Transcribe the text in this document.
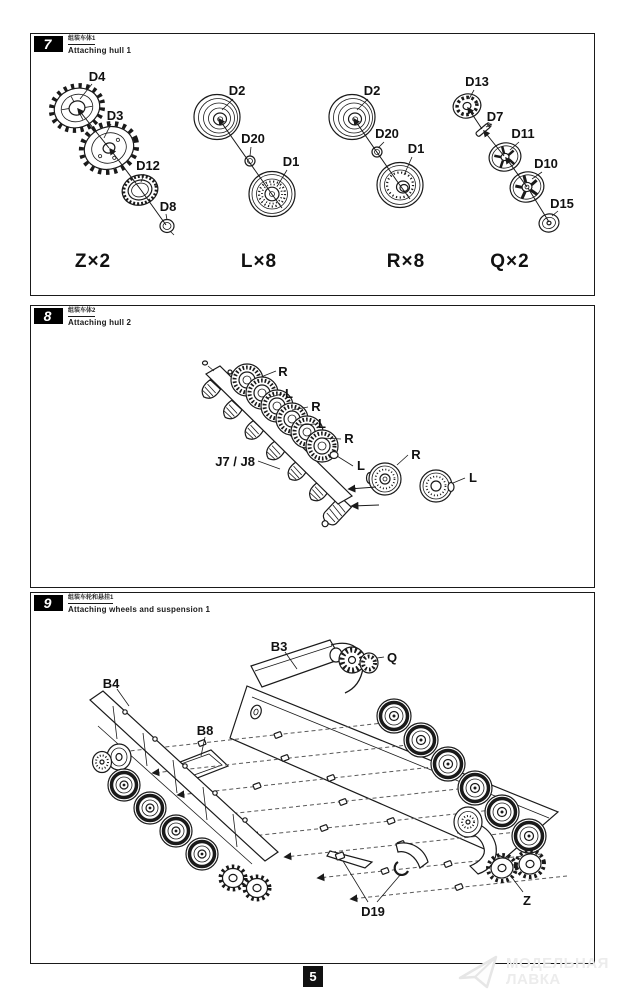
7	组装车体1
Attaching hull 1
D4
D3
D12
D8
Z×2
D2
D20
D1
L×8
D2
D20
D1
R×8
D13
D7
D11
D10
D15
Q×2
8	组装车体2
Attaching hull 2
R
L
R
L
R
L
R
L
J7 / J8
9	组装车轮和悬挂1
Attaching wheels and suspension 1
B4
B3
B8
Q
D19
Z
5
МОДЕЛЬНАЯ
ЛАВКА
